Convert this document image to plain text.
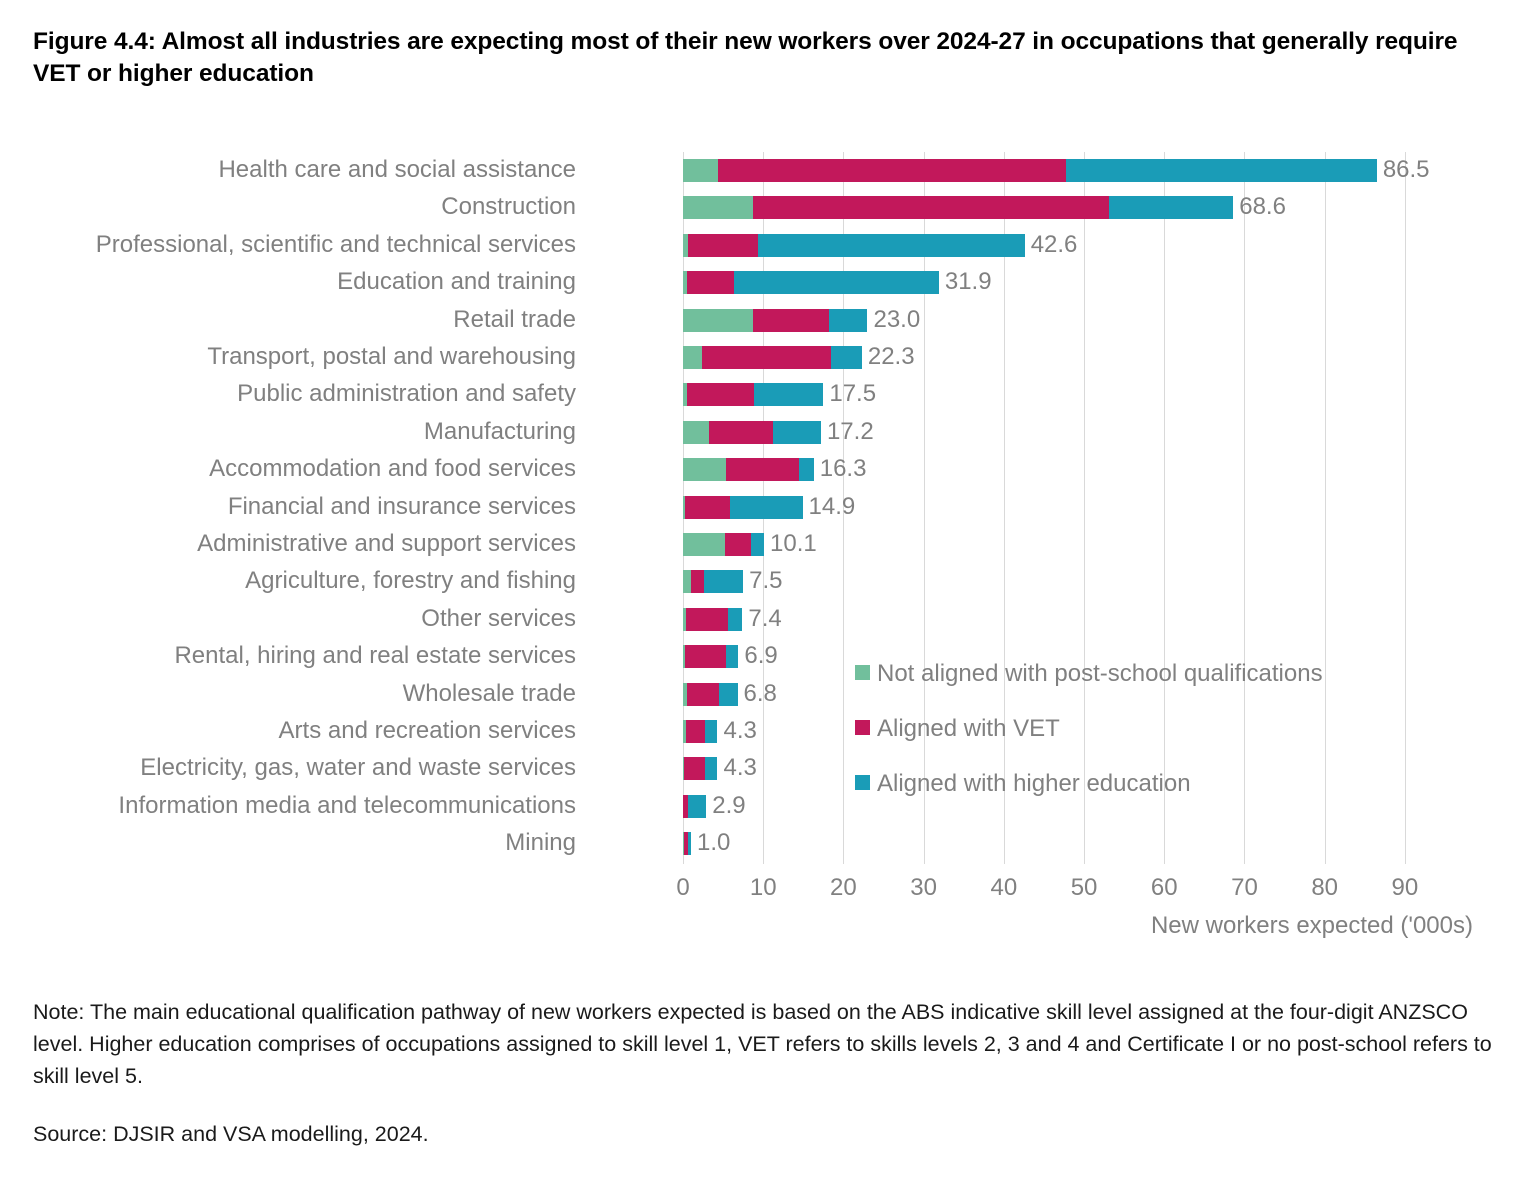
Figure 4.4: Almost all industries are expecting most of their new workers over 2024-27 in occupations that generally require VET or higher education
Health care and social assistance	86.5
Construction	68.6
Professional, scientific and technical services	42.6
Education and training	31.9
Retail trade	23.0
Transport, postal and warehousing	22.3
Public administration and safety	17.5
Manufacturing	17.2
Accommodation and food services	16.3
Financial and insurance services	14.9
Administrative and support services	10.1
Agriculture, forestry and fishing	7.5
Other services	7.4
Rental, hiring and real estate services	6.9
Wholesale trade	6.8
Arts and recreation services	4.3
Electricity, gas, water and waste services	4.3
Information media and telecommunications	2.9
Mining	1.0
0	10 20 30 40 50 60 70 80 90
New workers expected ('000s)
Not aligned with post-school qualifications
Aligned with VET
Aligned with higher education
Note: The main educational qualification pathway of new workers expected is based on the ABS indicative skill level assigned at the four-digit ANZSCO level. Higher education comprises of occupations assigned to skill level 1, VET refers to skills levels 2, 3 and 4 and Certificate I or no post-school refers to skill level 5.
Source: DJSIR and VSA modelling, 2024.
